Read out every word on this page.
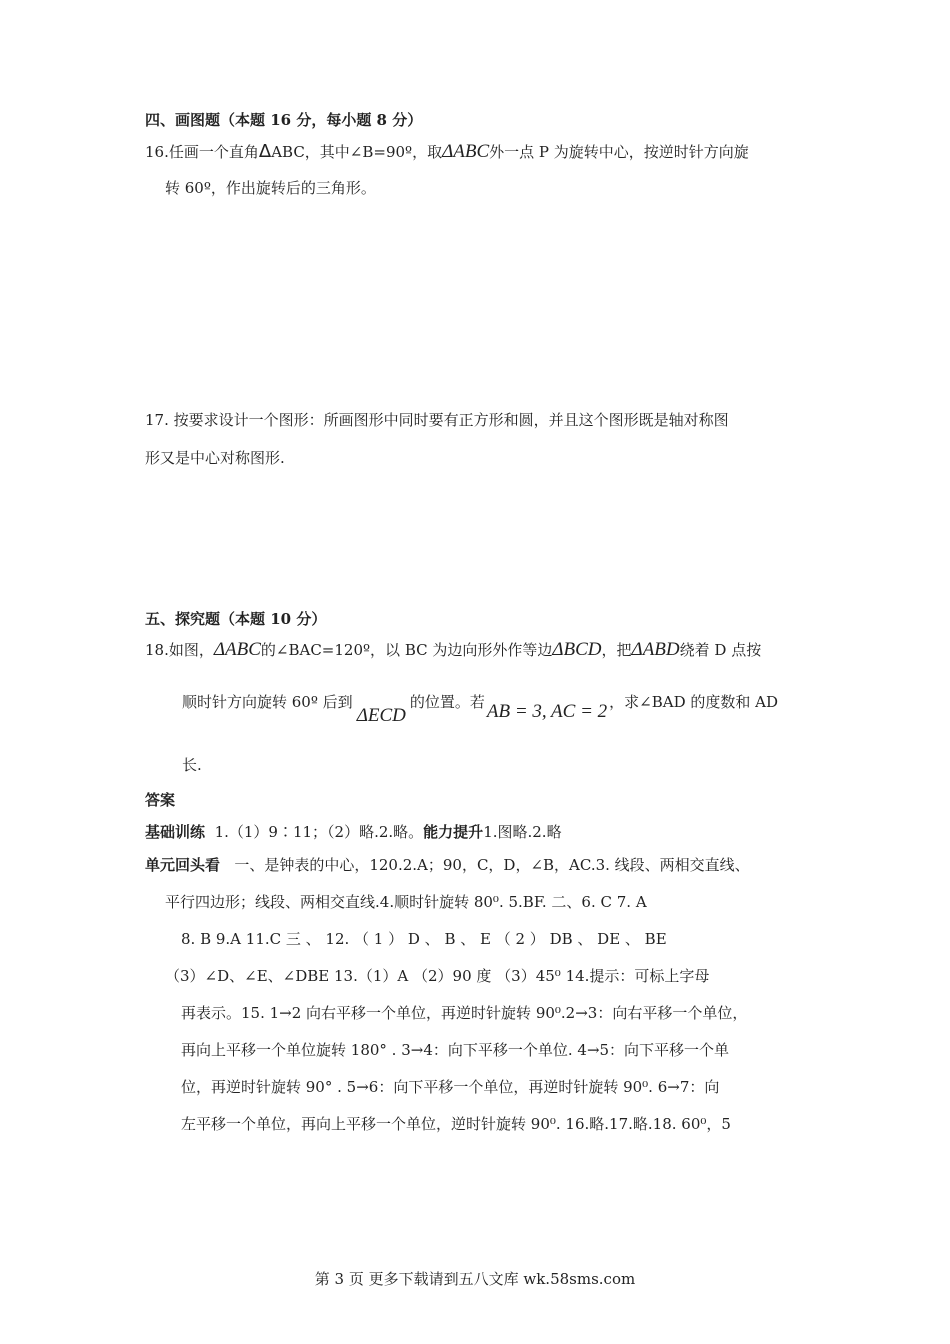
四、画图题（本题 16 分，每小题 8 分）
16.任画一个直角ΔABC，其中∠B=90º，取ΔABC外一点 P 为旋转中心，按逆时针方向旋
转 60º，作出旋转后的三角形。
17. 按要求设计一个图形：所画图形中同时要有正方形和圆，并且这个图形既是轴对称图
形又是中心对称图形.
五、探究题（本题 10 分）
18.如图，ΔABC的∠BAC=120º，以 BC 为边向形外作等边ΔBCD，把ΔABD绕着 D 点按
顺时针方向旋转 60º 后到ΔECD的位置。若 AB = 3, AC = 2 ，求∠BAD 的度数和 AD
长.
答案
基础训练 1.（1）9∶11；（2）略.2.略。能力提升1.图略.2.略
单元回头看 一、是钟表的中心，120.2.A；90，C，D，∠B，AC.3. 线段、两相交直线、
平行四边形；线段、两相交直线.4.顺时针旋转 80⁰. 5.BF. 二、6. C 7. A
8. B 9.A 11.C 三 、 12. （ 1 ） D 、 B 、 E （ 2 ） DB 、 DE 、 BE
（3）∠D、∠E、∠DBE 13.（1）A （2）90 度 （3）45⁰ 14.提示：可标上字母
再表示。15. 1→2 向右平移一个单位，再逆时针旋转 90⁰.2→3：向右平移一个单位，
再向上平移一个单位旋转 180° . 3→4：向下平移一个单位. 4→5：向下平移一个单
位，再逆时针旋转 90° . 5→6：向下平移一个单位，再逆时针旋转 90⁰. 6→7：向
左平移一个单位，再向上平移一个单位，逆时针旋转 90⁰. 16.略.17.略.18. 60⁰，5
第 3 页 更多下载请到五八文库 wk.58sms.com
